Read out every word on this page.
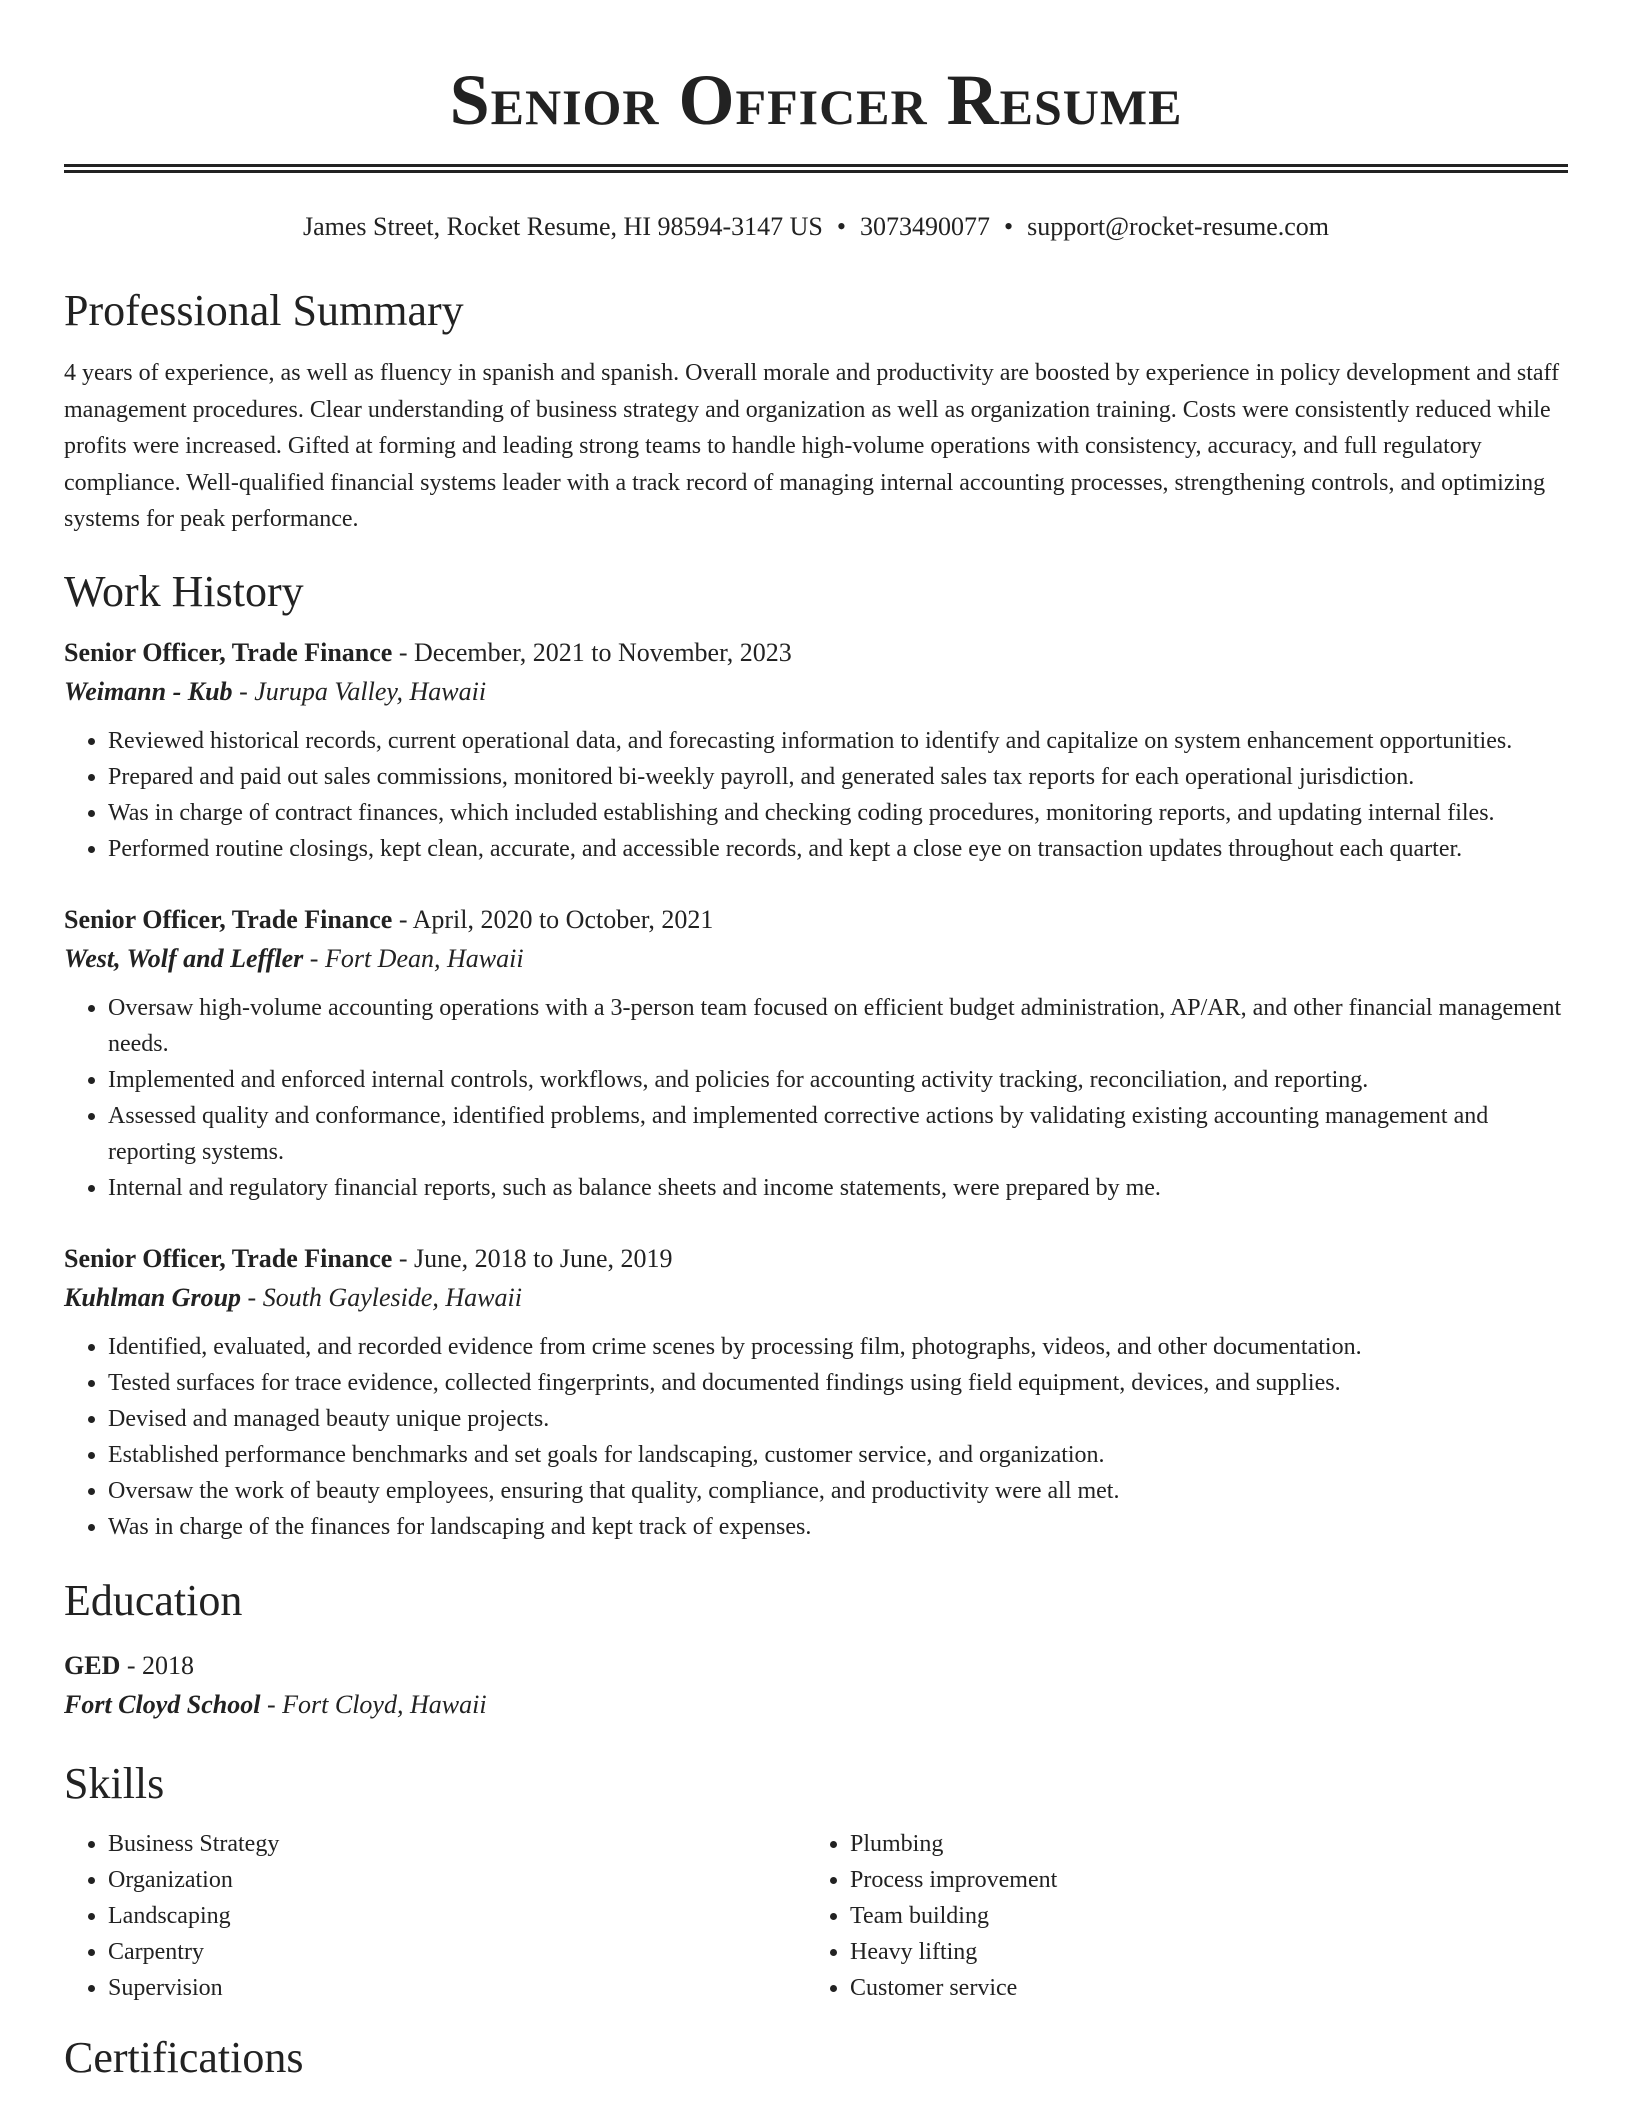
Senior Officer Resume
James Street, Rocket Resume, HI 98594-3147 US • 3073490077 • support@rocket-resume.com
Professional Summary

4 years of experience, as well as fluency in spanish and spanish. Overall morale and productivity are boosted by experience in policy development and staff management procedures. Clear understanding of business strategy and organization as well as organization training. Costs were consistently reduced while profits were increased. Gifted at forming and leading strong teams to handle high-volume operations with consistency, accuracy, and full regulatory compliance. Well-qualified financial systems leader with a track record of managing internal accounting processes, strengthening controls, and optimizing systems for peak performance.

Work History
Senior Officer, Trade Finance - December, 2021 to November, 2023
Weimann - Kub - Jurupa Valley, Hawaii
• Reviewed historical records, current operational data, and forecasting information to identify and capitalize on system enhancement opportunities.
• Prepared and paid out sales commissions, monitored bi-weekly payroll, and generated sales tax reports for each operational jurisdiction.
• Was in charge of contract finances, which included establishing and checking coding procedures, monitoring reports, and updating internal files.
• Performed routine closings, kept clean, accurate, and accessible records, and kept a close eye on transaction updates throughout each quarter.
Senior Officer, Trade Finance - April, 2020 to October, 2021
West, Wolf and Leffler - Fort Dean, Hawaii
• Oversaw high-volume accounting operations with a 3-person team focused on efficient budget administration, AP/AR, and other financial management needs.
• Implemented and enforced internal controls, workflows, and policies for accounting activity tracking, reconciliation, and reporting.
• Assessed quality and conformance, identified problems, and implemented corrective actions by validating existing accounting management and reporting systems.
• Internal and regulatory financial reports, such as balance sheets and income statements, were prepared by me.
Senior Officer, Trade Finance - June, 2018 to June, 2019
Kuhlman Group - South Gayleside, Hawaii
• Identified, evaluated, and recorded evidence from crime scenes by processing film, photographs, videos, and other documentation.
• Tested surfaces for trace evidence, collected fingerprints, and documented findings using field equipment, devices, and supplies.
• Devised and managed beauty unique projects.
• Established performance benchmarks and set goals for landscaping, customer service, and organization.
• Oversaw the work of beauty employees, ensuring that quality, compliance, and productivity were all met.
• Was in charge of the finances for landscaping and kept track of expenses.
Education
GED - 2018
Fort Cloyd School - Fort Cloyd, Hawaii
Skills
• Business Strategy
• Organization
• Landscaping
• Carpentry
• Supervision
• Plumbing
• Process improvement
• Team building
• Heavy lifting
• Customer service
Certifications
